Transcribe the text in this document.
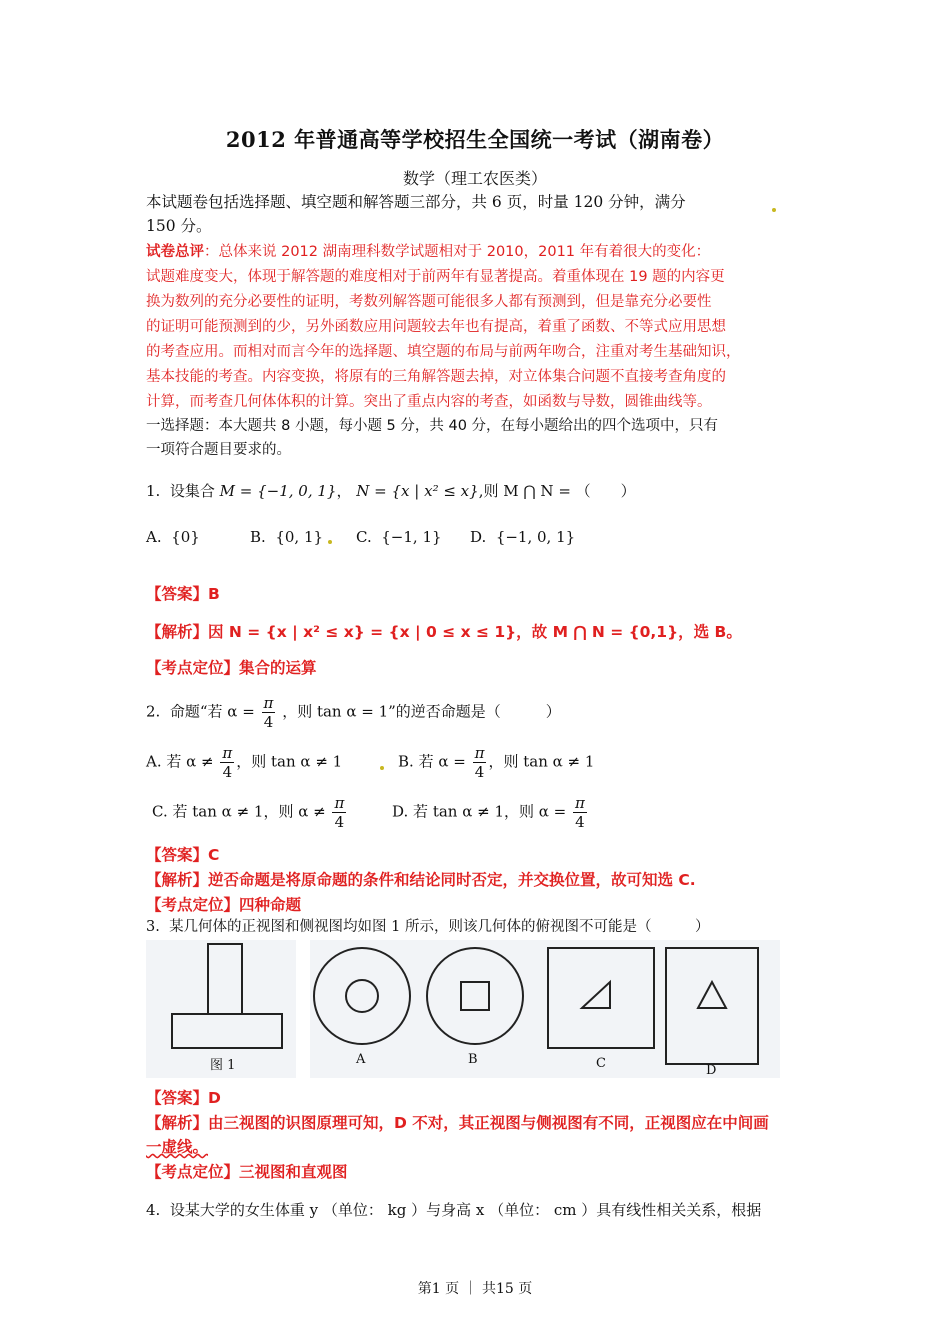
2012 年普通高等学校招生全国统一考试（湖南卷）
数学（理工农医类）
本试题卷包括选择题、填空题和解答题三部分，共 6 页，时量 120 分钟，满分
150 分。
试卷总评：总体来说 2012 湖南理科数学试题相对于 2010，2011 年有着很大的变化：
试题难度变大，体现于解答题的难度相对于前两年有显著提高。着重体现在 19 题的内容更
换为数列的充分必要性的证明，考数列解答题可能很多人都有预测到，但是靠充分必要性
的证明可能预测到的少，另外函数应用问题较去年也有提高，着重了函数、不等式应用思想
的考查应用。而相对而言今年的选择题、填空题的布局与前两年吻合，注重对考生基础知识，
基本技能的考查。内容变换，将原有的三角解答题去掉，对立体集合问题不直接考查角度的
计算，而考查几何体体积的计算。突出了重点内容的考查，如函数与导数，圆锥曲线等。
一选择题：本大题共 8 小题，每小题 5 分，共 40 分，在每小题给出的四个选项中，只有
一项符合题目要求的。
1. 设集合 M = {−1, 0, 1}， N = {x | x² ≤ x},则 M ⋂ N = （　　）
A. {0}	B. {0, 1} C. {−1, 1} D. {−1, 0, 1}
【答案】B
【解析】因 N = {x | x² ≤ x} = {x | 0 ≤ x ≤ 1}，故 M ⋂ N = {0,1}，选 B。
【考点定位】集合的运算
2. 命题“若 $\alpha = \frac{\pi}{4}$ ，则 tan α = 1”的逆否命题是（　　　）
A. 若 $\alpha \ne \frac{\pi}{4}$ ，则 tan α ≠ 1	B. 若 $\alpha = \frac{\pi}{4}$ ，则 tan α ≠ 1
C. 若 tan α ≠ 1，则 $\alpha \ne \frac{\pi}{4}$	D. 若 tan α ≠ 1，则 $\alpha = \frac{\pi}{4}$
【答案】C
【解析】逆否命题是将原命题的条件和结论同时否定，并交换位置，故可知选 C.
【考点定位】四种命题
3. 某几何体的正视图和侧视图均如图 1 所示，则该几何体的俯视图不可能是（　　　）
图 1	A	B	C	D
【答案】D
【解析】由三视图的识图原理可知，D 不对，其正视图与侧视图有不同，正视图应在中间画
一虚线。
【考点定位】三视图和直观图
4. 设某大学的女生体重 y （单位： kg ）与身高 x （单位： cm ）具有线性相关关系，根据
第1 页 ｜ 共15 页
